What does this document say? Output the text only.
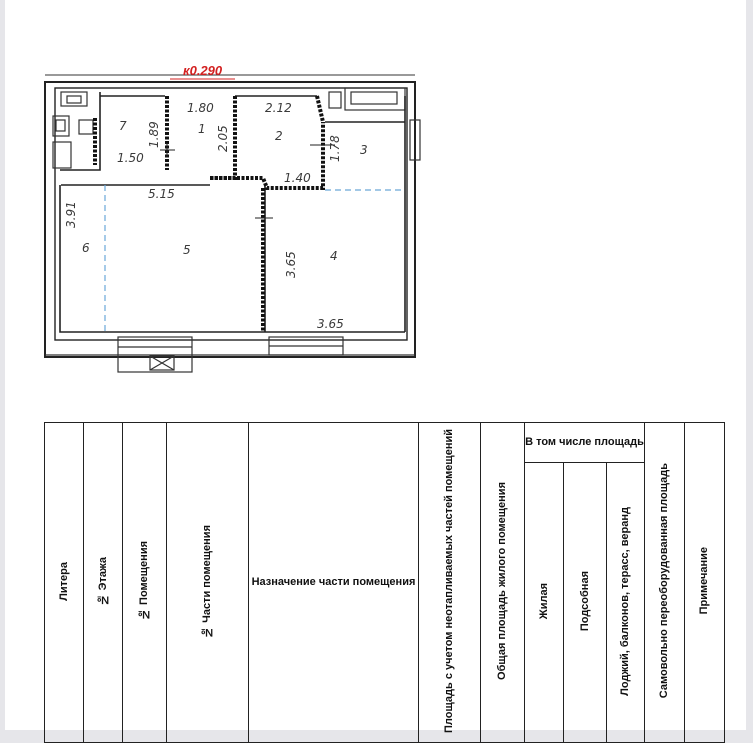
к0.290
7	1	2
3
4
5
6
1.80	2.12
1.89	2.05
1.50	1.78
1.40
5.15
3.91
3.65
3.65
Литера	№ Этажа	№ Помещения	№ Части помещения	Назначение части помещения	Площадь с учетом неотапливаемых частей помещений	Общая площадь жилого помещения	В том числе площадь			Самовольно переоборудованная площадь	Примечание
							Жилая	Подсобная	Лоджий, балконов, терасс, веранд		
